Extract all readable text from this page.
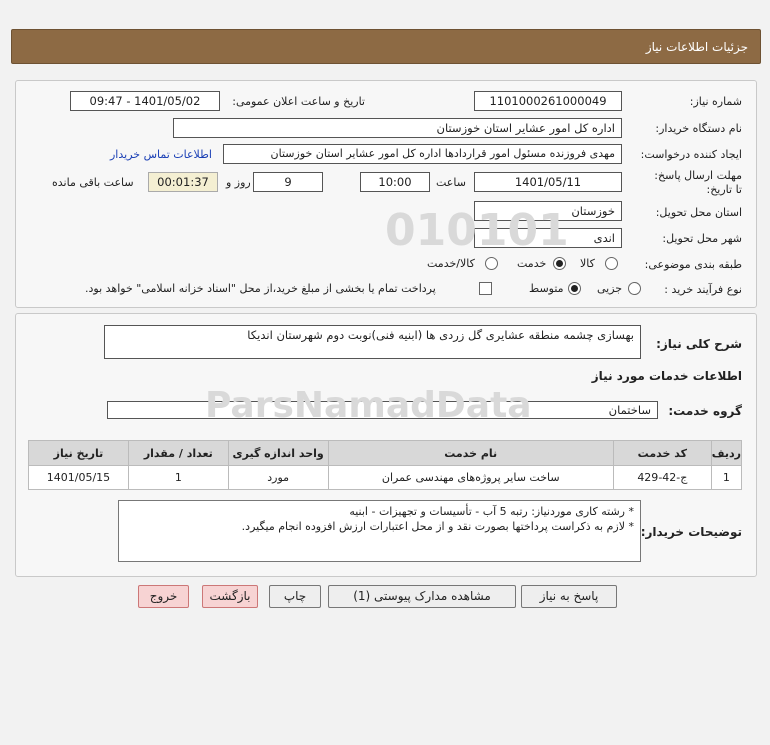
جزئیات اطلاعات نیاز
شماره نیاز:
1101000261000049
تاریخ و ساعت اعلان عمومی:
1401/05/02 - 09:47
نام دستگاه خریدار:
اداره کل امور عشایر استان خوزستان
ایجاد کننده درخواست:
مهدی فروزنده مسئول امور قراردادها اداره کل امور عشایر استان خوزستان
اطلاعات تماس خریدار
مهلت ارسال پاسخ: تا تاریخ:
1401/05/11
ساعت
10:00
9
روز و
00:01:37
ساعت باقی مانده
استان محل تحویل:
خوزستان
شهر محل تحویل:
اندی
طبقه بندی موضوعی:
کالا
خدمت
کالا/خدمت
نوع فرآیند خرید :
جزیی
متوسط
پرداخت تمام یا بخشی از مبلغ خرید،از محل "اسناد خزانه اسلامی" خواهد بود.
شرح کلی نیاز:
بهسازی چشمه منطقه عشایری گل زردی ها (ابنیه فنی)نوبت دوم شهرستان اندیکا
اطلاعات خدمات مورد نیاز
گروه خدمت:
ساختمان
ردیف	کد خدمت	نام خدمت	واحد اندازه گیری	تعداد / مقدار	تاریخ نیاز
1	ج-42-429	ساخت سایر پروژه‌های مهندسی عمران	مورد	1	1401/05/15
توضیحات خریدار:
* رشته کاری موردنیاز: رتبه 5 آب - تأسیسات و تجهیزات - ابنیه
* لازم به ذکراست پرداختها بصورت نقد و از محل اعتبارات ارزش افزوده انجام میگیرد.
010101
ParsNamadData
پاسخ به نیاز
مشاهده مدارک پیوستی (1)
چاپ
بازگشت
خروج
